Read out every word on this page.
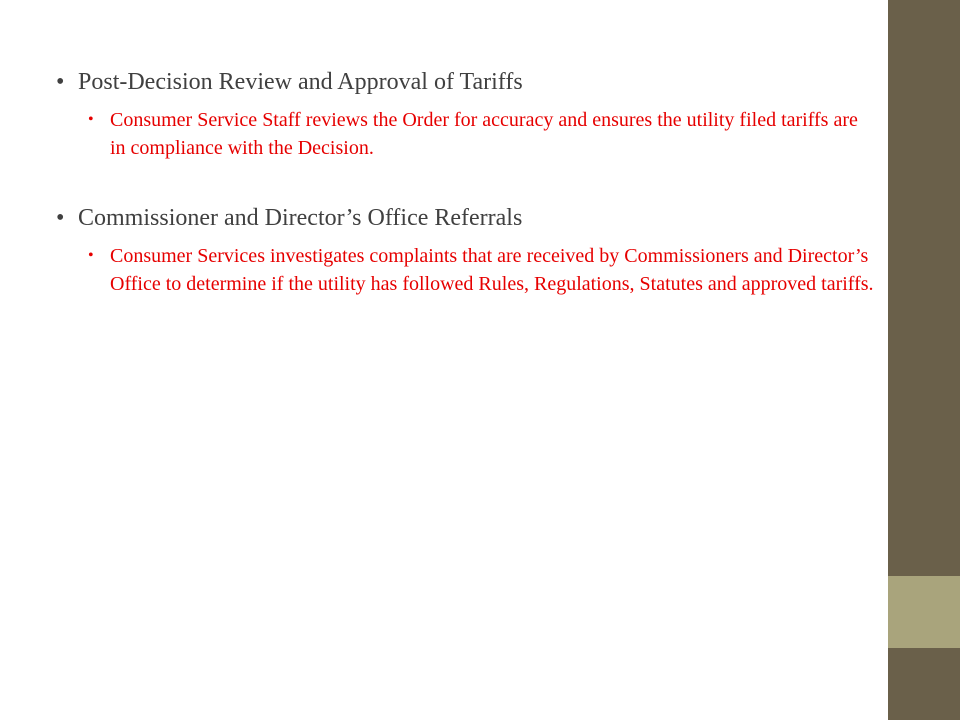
• Post-Decision Review and Approval of Tariffs
• Consumer Service Staff reviews the Order for accuracy and ensures the utility filed tariffs are in compliance with the Decision.
• Commissioner and Director’s Office Referrals
• Consumer Services investigates complaints that are received by Commissioners and Director’s Office to determine if the utility has followed Rules, Regulations, Statutes and approved tariffs.
